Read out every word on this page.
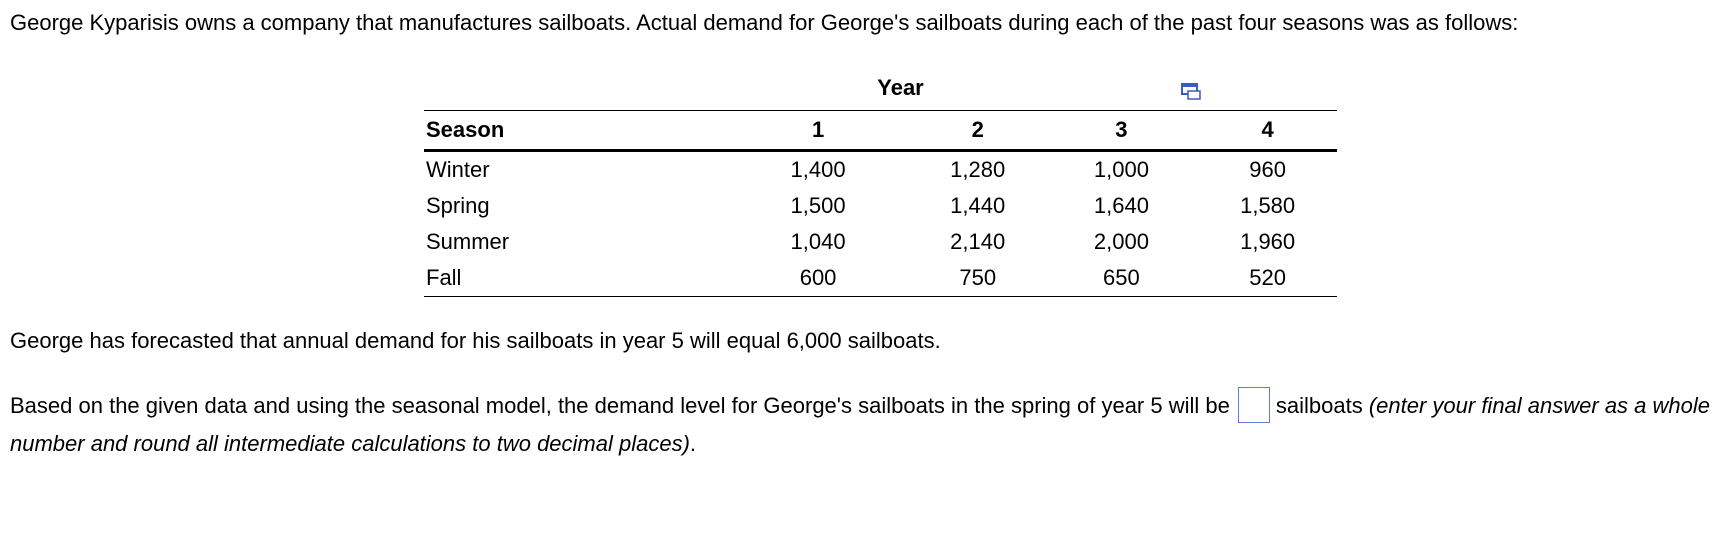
George Kyparisis owns a company that manufactures sailboats. Actual demand for George's sailboats during each of the past four seasons was as follows:

Year
Season	1	2	3	4
Winter	1,400	1,280	1,000	960
Spring	1,500	1,440	1,640	1,580
Summer	1,040	2,140	2,000	1,960
Fall	600	750	650	520

George has forecasted that annual demand for his sailboats in year 5 will equal 6,000 sailboats.

Based on the given data and using the seasonal model, the demand level for George's sailboats in the spring of year 5 will be sailboats (enter your final answer as a whole number and round all intermediate calculations to two decimal places).
